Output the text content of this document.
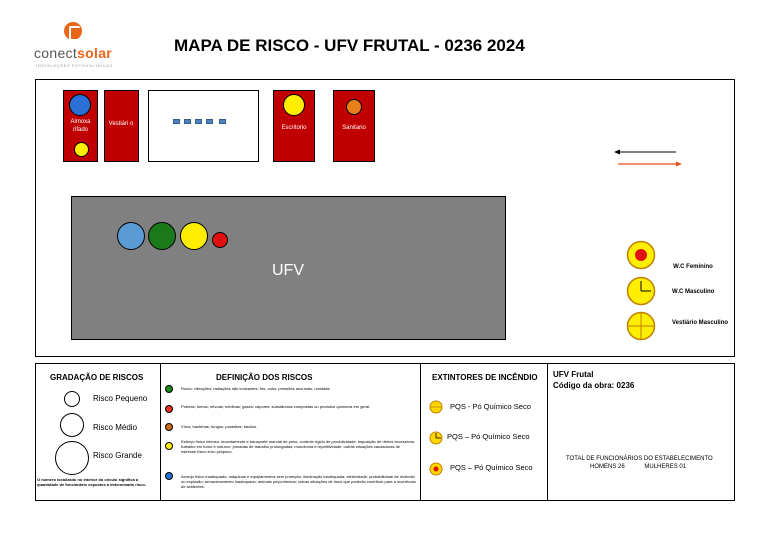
conectsolar
INSTALAÇÕES FOTOVOLTAICAS
MAPA DE RISCO - UFV FRUTAL - 0236 2024
Almoxa rifado
Vestiári o
Escritorio	Sanitario
UFV	W.C Feminino
W.C Masculino
Vestiário Masculino
GRADAÇÃO DE RISCOS
Risco Pequeno
Risco Médio
Risco Grande
O número localizado no interior do círculo significa a quantidade de funcionário expostos a determinado risco.
DEFINIÇÃO DOS RISCOS
Ruído; vibrações; radiações não ionizantes; frio; calor; pressões anormais; umidade.
Poeiras; fumos; névoas; neblinas; gases; vapores; substâncias compostas ou produtos químicos em geral.
Vírus; bactérias; fungos; parasitas; bacilos.
Esforço físico intenso; levantamento e transporte manual de peso; controle rígido de produtividade; imposição de ritmos excessivos; trabalho em turno e noturno; jornadas de trabalho prolongadas; monotonia e repetitividade; outras situações causadoras de estresse físico e/ou psíquico.
Arranjo físico inadequado; máquinas e equipamentos sem proteção; iluminação inadequada; eletricidade; probabilidade de incêndio ou explosão; armazenamento inadequado; animais peçonhentos; outras situações de risco que poderão contribuir para a ocorrência de acidentes.
EXTINTORES DE INCÊNDIO
PQS - Pó Químico Seco
PQS – Pó Químico Seco
PQS – Pó Químico Seco
UFV Frutal
Código da obra: 0236
TOTAL DE FUNCIONÁRIOS DO ESTABELECIMENTO
HOMENS 26	MULHERES 01
